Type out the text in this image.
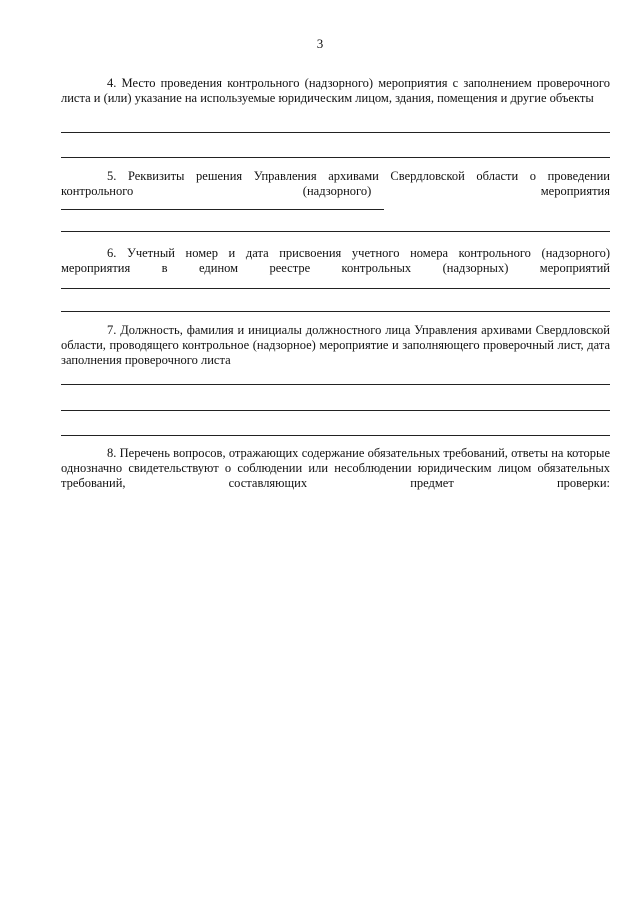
3

4. Место проведения контрольного (надзорного) мероприятия с заполнением проверочного листа и (или) указание на используемые юридическим лицом, здания, помещения и другие объекты

5. Реквизиты решения Управления архивами Свердловской области о проведении контрольного (надзорного) мероприятия

6. Учетный номер и дата присвоения учетного номера контрольного (надзорного) мероприятия в едином реестре контрольных (надзорных) мероприятий

7. Должность, фамилия и инициалы должностного лица Управления архивами Свердловской области, проводящего контрольное (надзорное) мероприятие и заполняющего проверочный лист, дата заполнения проверочного листа

8. Перечень вопросов, отражающих содержание обязательных требований, ответы на которые однозначно свидетельствуют о соблюдении или несоблюдении юридическим лицом обязательных требований, составляющих предмет проверки:
